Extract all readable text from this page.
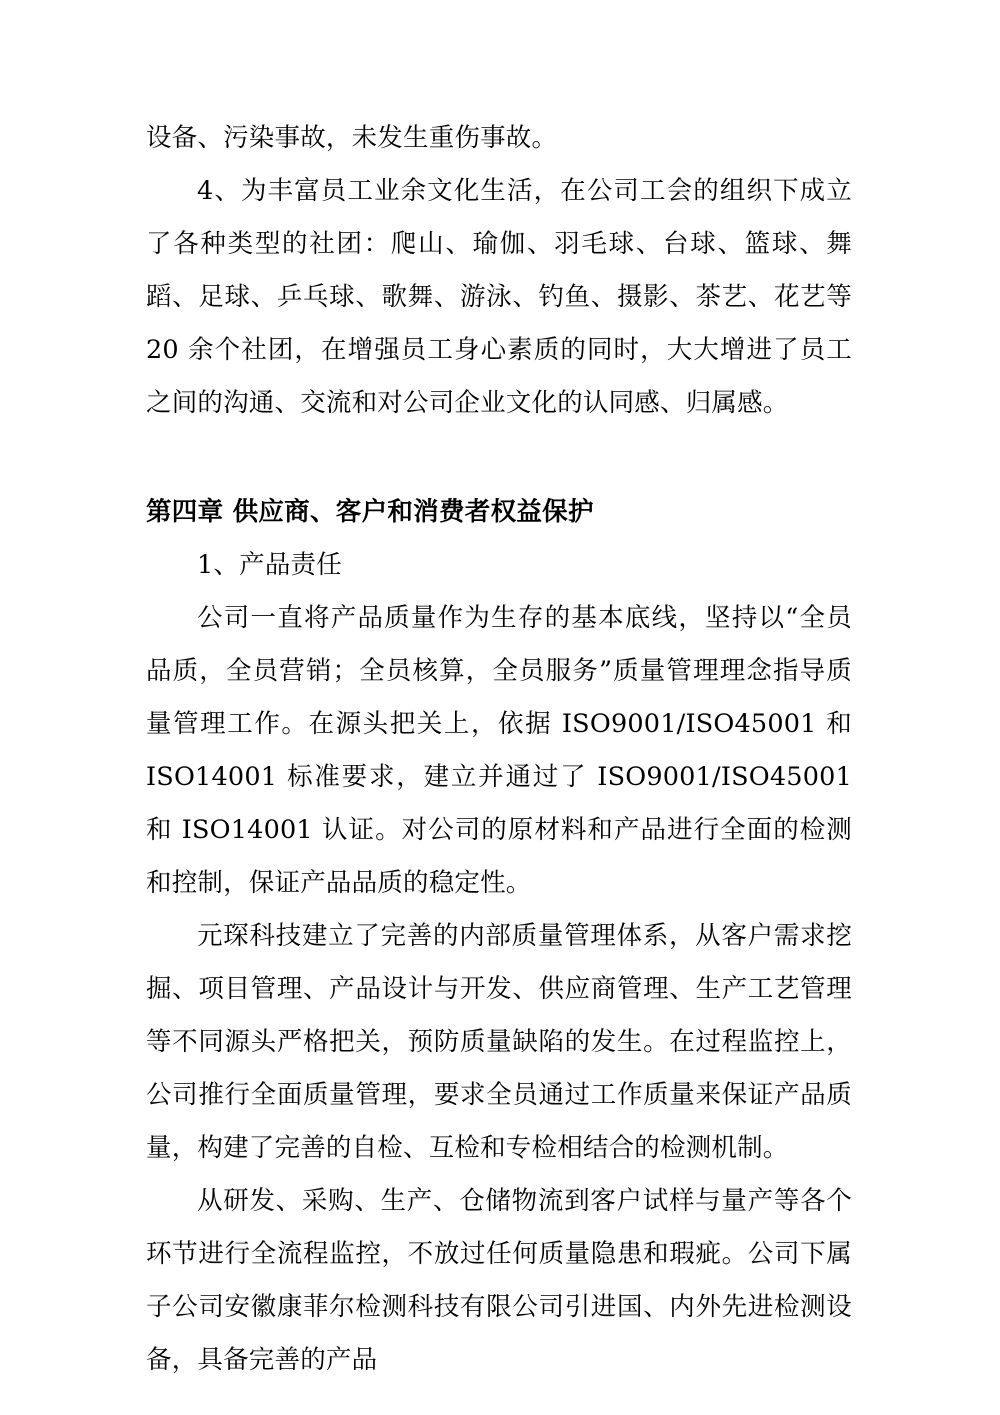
设备、污染事故，未发生重伤事故。

4、为丰富员工业余文化生活，在公司工会的组织下成立了各种类型的社团：爬山、瑜伽、羽毛球、台球、篮球、舞蹈、足球、乒乓球、歌舞、游泳、钓鱼、摄影、茶艺、花艺等 20 余个社团，在增强员工身心素质的同时，大大增进了员工之间的沟通、交流和对公司企业文化的认同感、归属感。

第四章 供应商、客户和消费者权益保护

1、产品责任

公司一直将产品质量作为生存的基本底线，坚持以“全员品质，全员营销；全员核算，全员服务”质量管理理念指导质量管理工作。在源头把关上，依据 ISO9001/ISO45001 和 ISO14001 标准要求，建立并通过了 ISO9001/ISO45001 和 ISO14001 认证。对公司的原材料和产品进行全面的检测和控制，保证产品品质的稳定性。

元琛科技建立了完善的内部质量管理体系，从客户需求挖掘、项目管理、产品设计与开发、供应商管理、生产工艺管理等不同源头严格把关，预防质量缺陷的发生。在过程监控上，公司推行全面质量管理，要求全员通过工作质量来保证产品质量，构建了完善的自检、互检和专检相结合的检测机制。

从研发、采购、生产、仓储物流到客户试样与量产等各个环节进行全流程监控，不放过任何质量隐患和瑕疵。公司下属子公司安徽康菲尔检测科技有限公司引进国、内外先进检测设备，具备完善的产品
